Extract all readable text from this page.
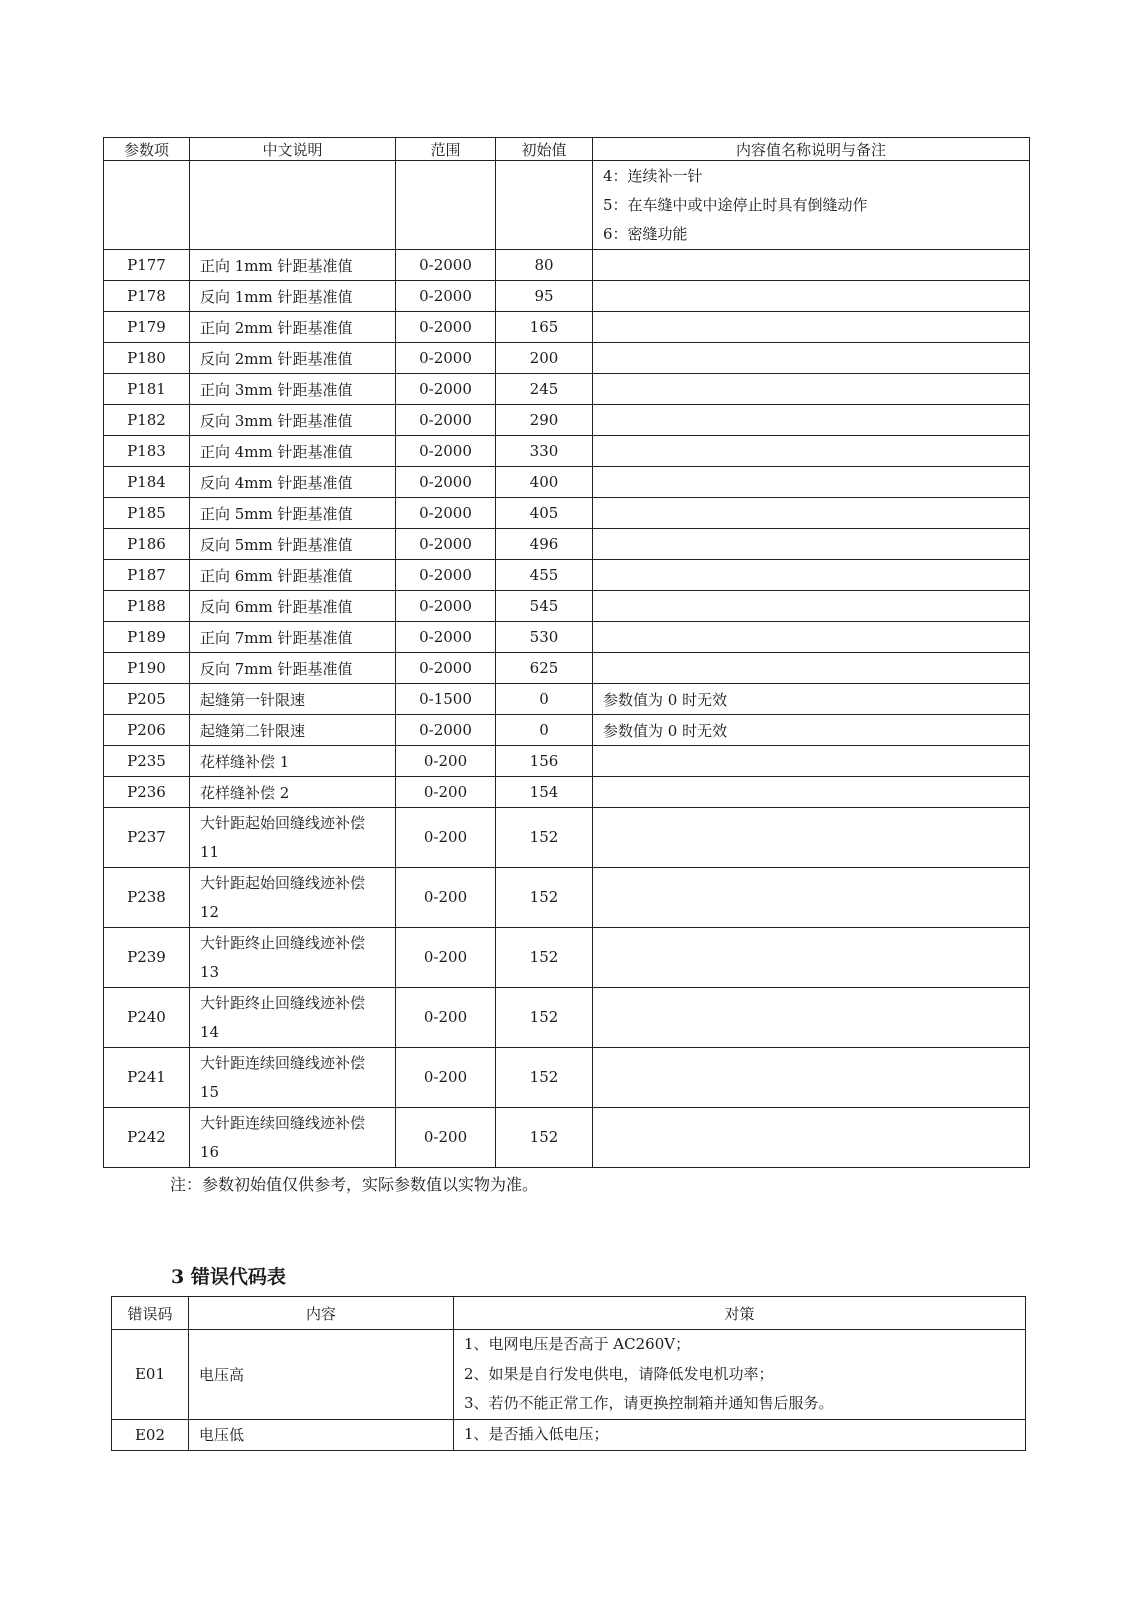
参数项	中文说明	范围	初始值	内容值名称说明与备注

				4：连续补一针
5：在车缝中或中途停止时具有倒缝动作
6：密缝功能

P177	正向 1mm 针距基准值	0-2000	80	
P178	反向 1mm 针距基准值	0-2000	95	
P179	正向 2mm 针距基准值	0-2000	165	
P180	反向 2mm 针距基准值	0-2000	200	
P181	正向 3mm 针距基准值	0-2000	245	
P182	反向 3mm 针距基准值	0-2000	290	
P183	正向 4mm 针距基准值	0-2000	330	
P184	反向 4mm 针距基准值	0-2000	400	
P185	正向 5mm 针距基准值	0-2000	405	
P186	反向 5mm 针距基准值	0-2000	496	
P187	正向 6mm 针距基准值	0-2000	455	
P188	反向 6mm 针距基准值	0-2000	545	
P189	正向 7mm 针距基准值	0-2000	530	
P190	反向 7mm 针距基准值	0-2000	625	
P205	起缝第一针限速	0-1500	0	参数值为 0 时无效
P206	起缝第二针限速	0-2000	0	参数值为 0 时无效
P235	花样缝补偿 1	0-200	156	
P236	花样缝补偿 2	0-200	154	
P237	大针距起始回缝线迹补偿
11	0-200	152	
P238	大针距起始回缝线迹补偿
12	0-200	152	
P239	大针距终止回缝线迹补偿
13	0-200	152	
P240	大针距终止回缝线迹补偿
14	0-200	152	
P241	大针距连续回缝线迹补偿
15	0-200	152	
P242	大针距连续回缝线迹补偿
16	0-200	152	
注：参数初始值仅供参考，实际参数值以实物为准。
3 错误代码表
错误码	内容	对策
E01	电压高	1、电网电压是否高于 AC260V；
2、如果是自行发电供电，请降低发电机功率；
3、若仍不能正常工作，请更换控制箱并通知售后服务。

E02	电压低	1、是否插入低电压；
